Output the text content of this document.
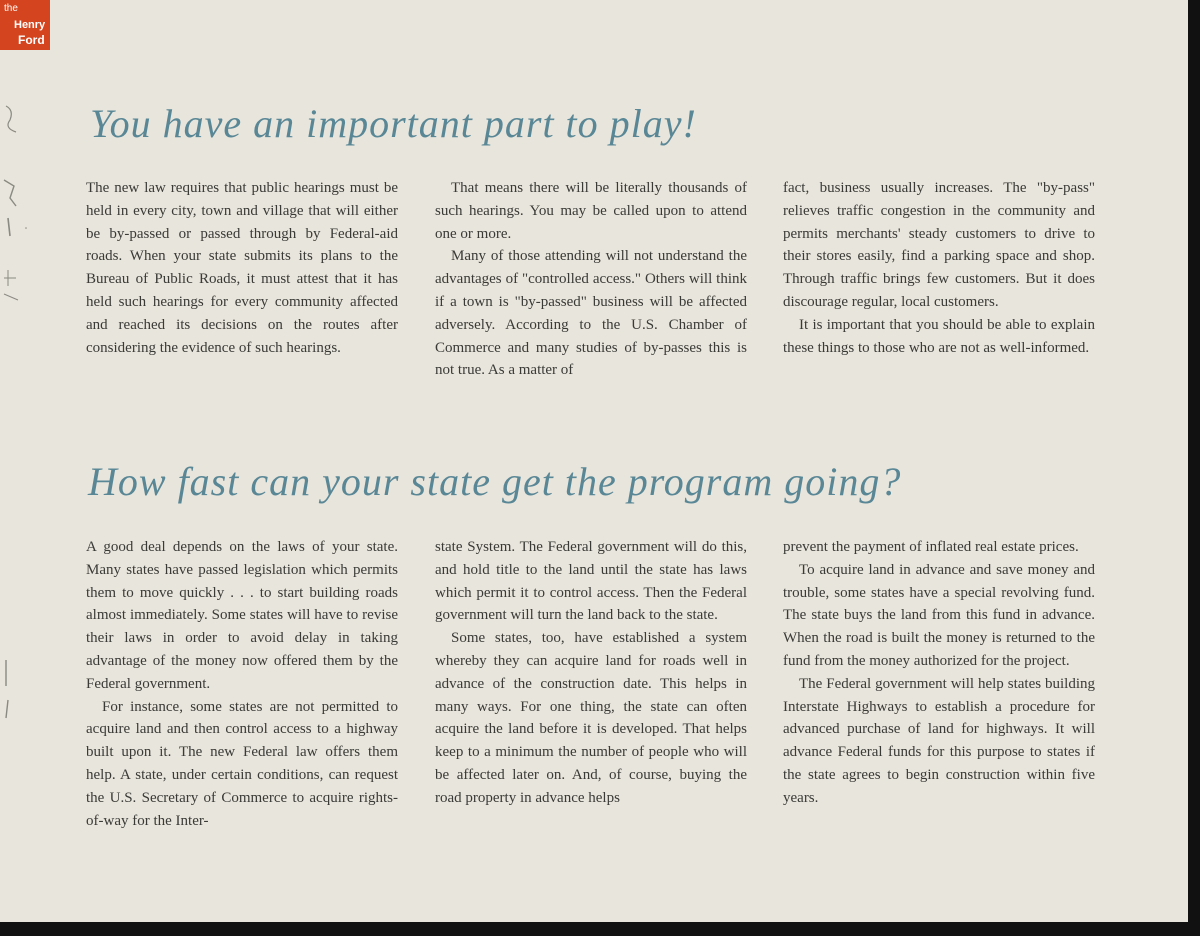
the
Henry
Ford
You have an important part to play!

The new law requires that public hearings must be held in every city, town and village that will either be by-passed or passed through by Federal-aid roads. When your state submits its plans to the Bureau of Public Roads, it must attest that it has held such hearings for every community affected and reached its decisions on the routes after considering the evidence of such hearings.

That means there will be literally thousands of such hearings. You may be called upon to attend one or more.

Many of those attending will not understand the advantages of "controlled access." Others will think if a town is "by-passed" business will be affected adversely. According to the U.S. Chamber of Commerce and many studies of by-passes this is not true. As a matter of

fact, business usually increases. The "by-pass" relieves traffic congestion in the community and permits merchants' steady customers to drive to their stores easily, find a parking space and shop. Through traffic brings few customers. But it does discourage regular, local customers.

It is important that you should be able to explain these things to those who are not as well-informed.

How fast can your state get the program going?

A good deal depends on the laws of your state. Many states have passed legislation which permits them to move quickly . . . to start building roads almost immediately. Some states will have to revise their laws in order to avoid delay in taking advantage of the money now offered them by the Federal government.

For instance, some states are not permitted to acquire land and then control access to a highway built upon it. The new Federal law offers them help. A state, under certain conditions, can request the U.S. Secretary of Commerce to acquire rights-of-way for the Inter-

state System. The Federal government will do this, and hold title to the land until the state has laws which permit it to control access. Then the Federal government will turn the land back to the state.

Some states, too, have established a system whereby they can acquire land for roads well in advance of the construction date. This helps in many ways. For one thing, the state can often acquire the land before it is developed. That helps keep to a minimum the number of people who will be affected later on. And, of course, buying the road property in advance helps

prevent the payment of inflated real estate prices.

To acquire land in advance and save money and trouble, some states have a special revolving fund. The state buys the land from this fund in advance. When the road is built the money is returned to the fund from the money authorized for the project.

The Federal government will help states building Interstate Highways to establish a procedure for advanced purchase of land for highways. It will advance Federal funds for this purpose to states if the state agrees to begin construction within five years.
